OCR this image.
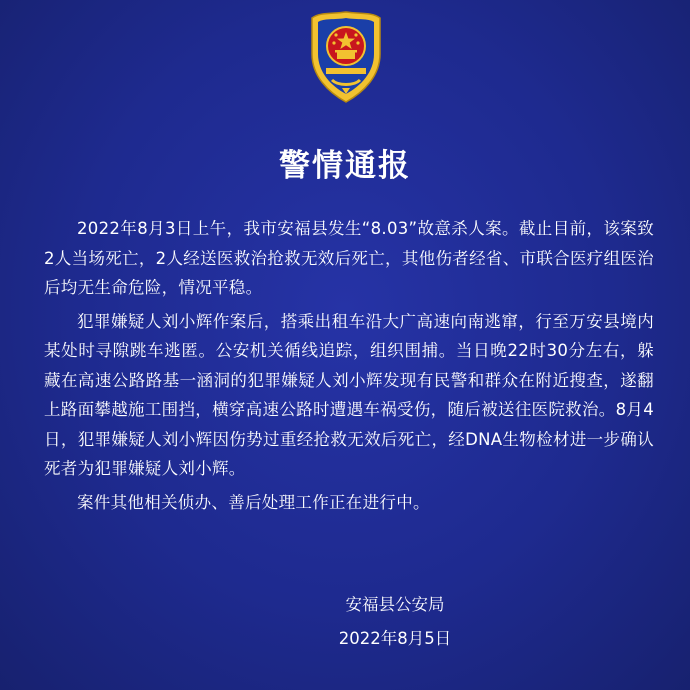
警情通报

2022年8月3日上午，我市安福县发生“8.03”故意杀人案。截止目前，该案致2人当场死亡，2人经送医救治抢救无效后死亡，其他伤者经省、市联合医疗组医治后均无生命危险，情况平稳。

犯罪嫌疑人刘小辉作案后，搭乘出租车沿大广高速向南逃窜，行至万安县境内某处时寻隙跳车逃匿。公安机关循线追踪，组织围捕。当日晚22时30分左右，躲藏在高速公路路基一涵洞的犯罪嫌疑人刘小辉发现有民警和群众在附近搜查，遂翻上路面攀越施工围挡，横穿高速公路时遭遇车祸受伤，随后被送往医院救治。8月4日，犯罪嫌疑人刘小辉因伤势过重经抢救无效后死亡，经DNA生物检材进一步确认死者为犯罪嫌疑人刘小辉。

案件其他相关侦办、善后处理工作正在进行中。

安福县公安局
2022年8月5日
